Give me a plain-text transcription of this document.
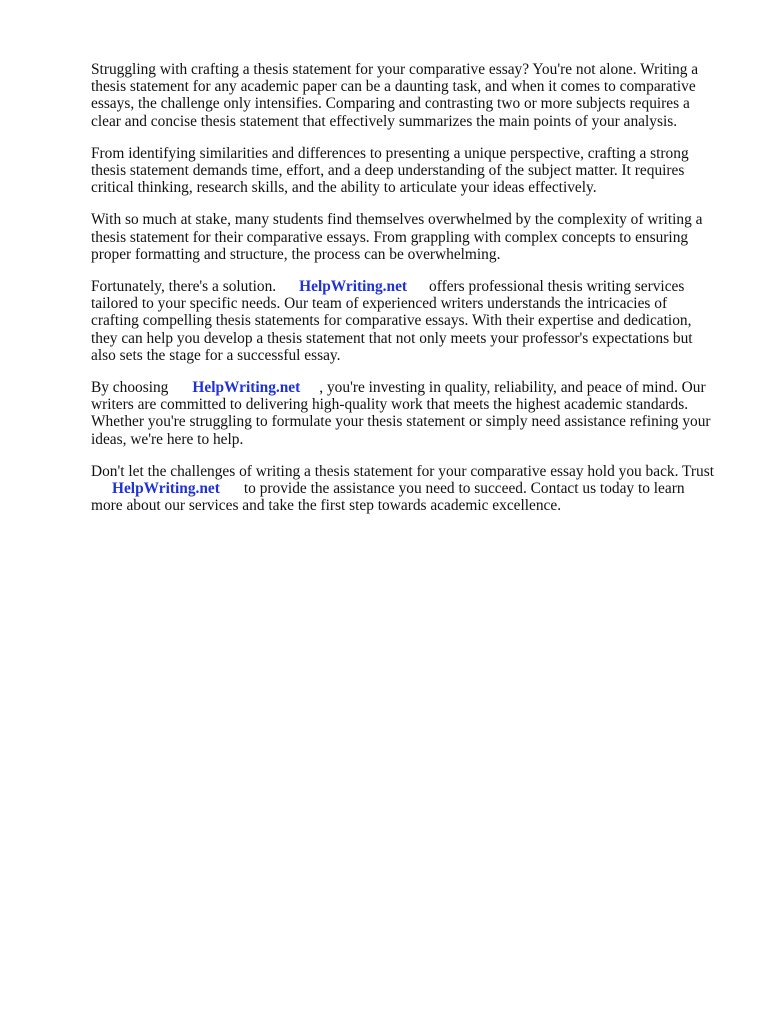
Struggling with crafting a thesis statement for your comparative essay? You're not alone. Writing a
thesis statement for any academic paper can be a daunting task, and when it comes to comparative
essays, the challenge only intensifies. Comparing and contrasting two or more subjects requires a
clear and concise thesis statement that effectively summarizes the main points of your analysis.

From identifying similarities and differences to presenting a unique perspective, crafting a strong
thesis statement demands time, effort, and a deep understanding of the subject matter. It requires
critical thinking, research skills, and the ability to articulate your ideas effectively.

With so much at stake, many students find themselves overwhelmed by the complexity of writing a
thesis statement for their comparative essays. From grappling with complex concepts to ensuring
proper formatting and structure, the process can be overwhelming.

Fortunately, there's a solution. HelpWriting.net offers professional thesis writing services
tailored to your specific needs. Our team of experienced writers understands the intricacies of
crafting compelling thesis statements for comparative essays. With their expertise and dedication,
they can help you develop a thesis statement that not only meets your professor's expectations but
also sets the stage for a successful essay.

By choosing HelpWriting.net , you're investing in quality, reliability, and peace of mind. Our
writers are committed to delivering high-quality work that meets the highest academic standards.
Whether you're struggling to formulate your thesis statement or simply need assistance refining your
ideas, we're here to help.

Don't let the challenges of writing a thesis statement for your comparative essay hold you back. Trust
HelpWriting.net to provide the assistance you need to succeed. Contact us today to learn
more about our services and take the first step towards academic excellence.
